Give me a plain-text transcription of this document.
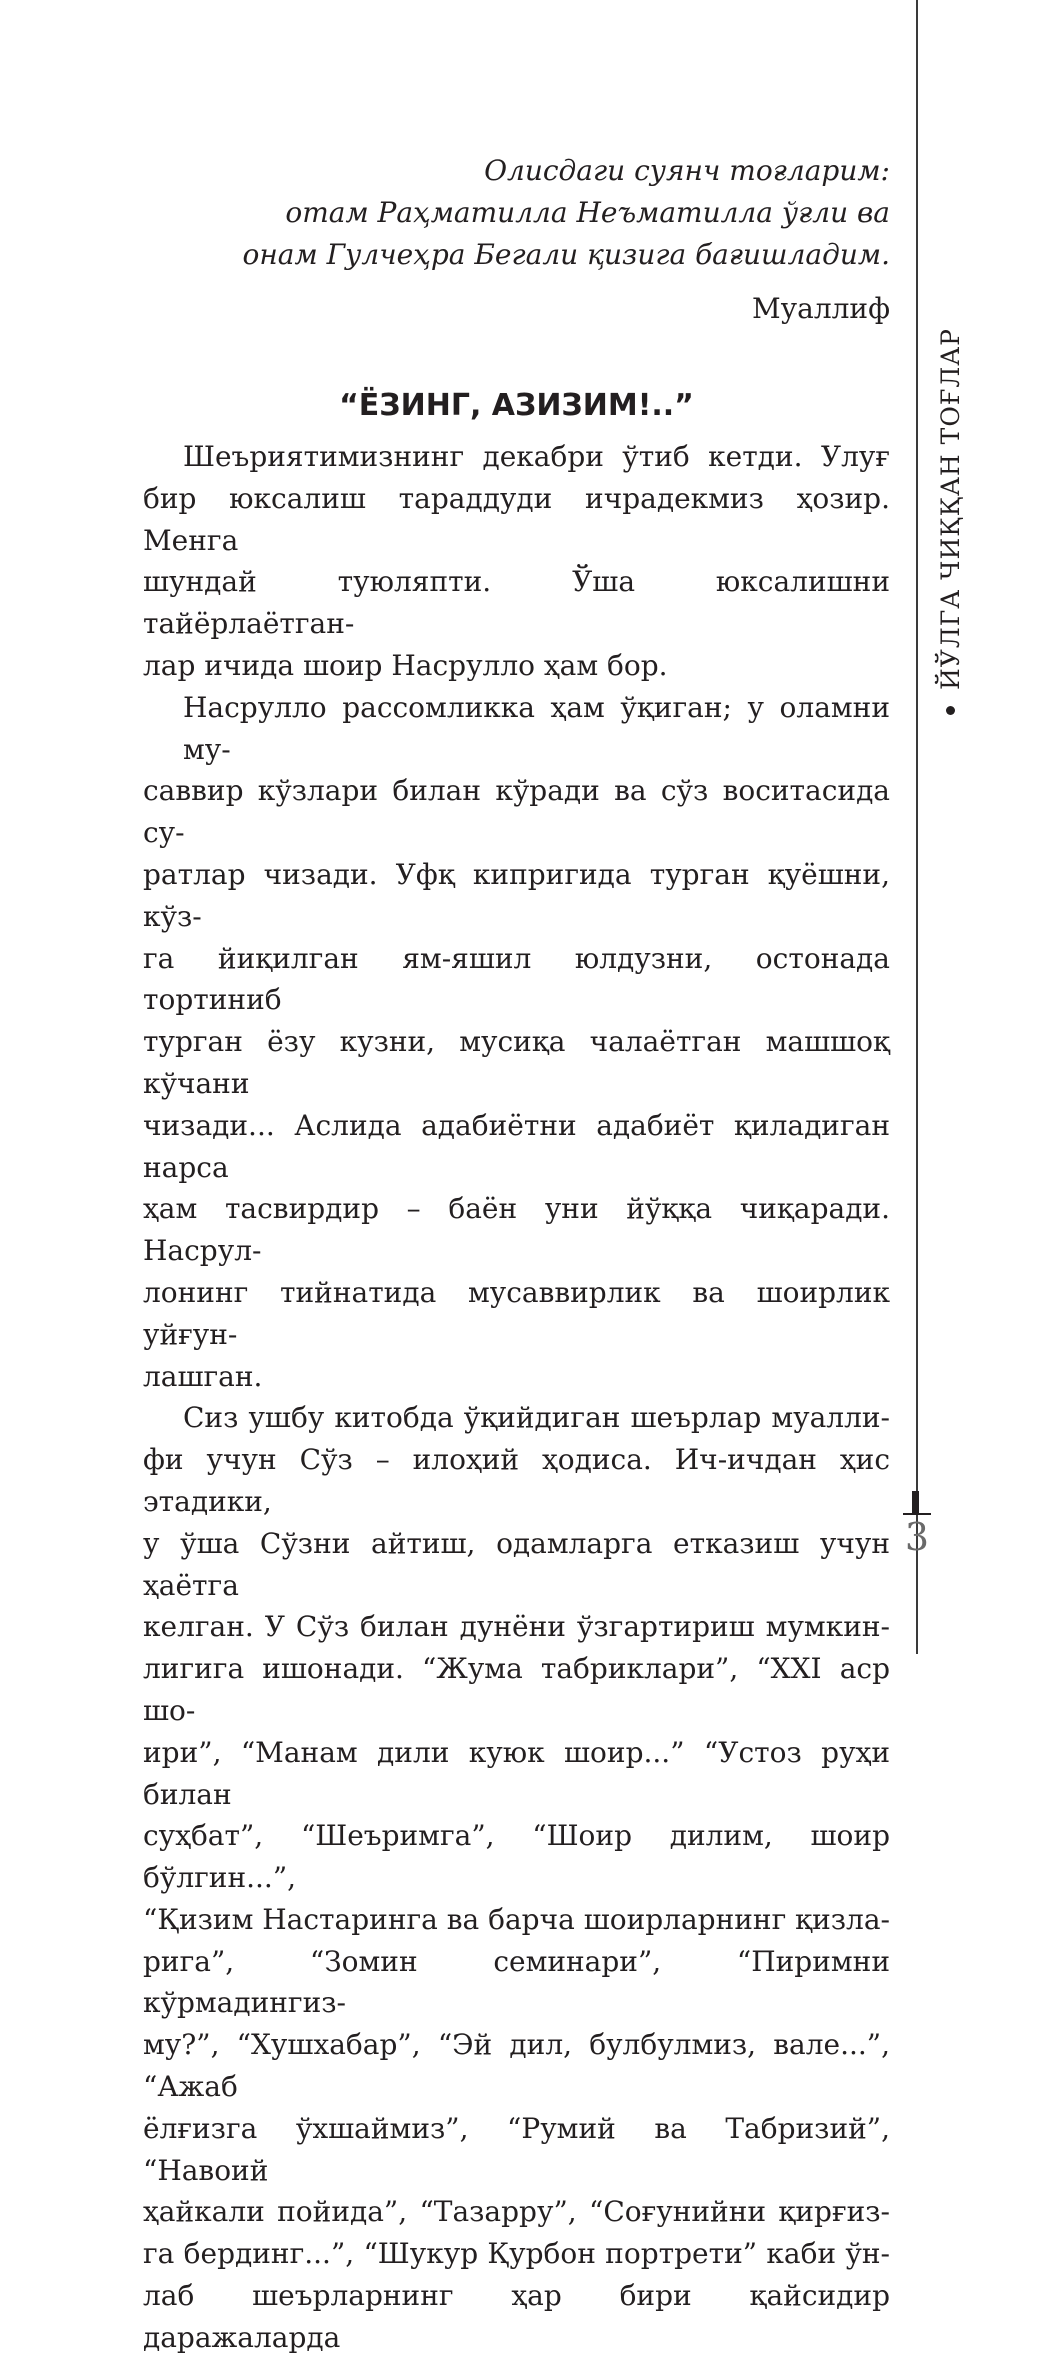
3
ЙЎЛГА ЧИҚҚАН ТОҒЛАР
Олисдаги суянч тоғларим:
отам Раҳматилла Неъматилла ўғли ва
онам Гулчеҳра Бегали қизига бағишладим.
Муаллиф
“ЁЗИНГ, АЗИЗИМ!..”

Шеъриятимизнинг декабри ўтиб кетди. Улуғ
бир юксалиш тараддуди ичрадекмиз ҳозир. Менга
шундай туюляпти. Ўша юксалишни тайёрлаётган-
лар ичида шоир Насрулло ҳам бор.

Насрулло рассомликка ҳам ўқиган; у оламни му-
саввир кўзлари билан кўради ва сўз воситасида су-
ратлар чизади. Уфқ кипригида турган қуёшни, кўз-
га йиқилган ям-яшил юлдузни, остонада тортиниб
турган ёзу кузни, мусиқа чалаётган машшоқ кўчани
чизади... Аслида адабиётни адабиёт қиладиган нарса
ҳам тасвирдир – баён уни йўққа чиқаради. Насрул-
лонинг тийнатида мусаввирлик ва шоирлик уйғун-
лашган.

Сиз ушбу китобда ўқийдиган шеърлар муалли-
фи учун Сўз – илоҳий ҳодиса. Ич-ичдан ҳис этадики,
у ўша Сўзни айтиш, одамларга етказиш учун ҳаётга
келган. У Сўз билан дунёни ўзгартириш мумкин-
лигига ишонади. “Жума табриклари”, “XXI аср шо-
ири”, “Манам дили куюк шоир...” “Устоз руҳи билан
суҳбат”, “Шеъримга”, “Шоир дилим, шоир бўлгин...”,
“Қизим Настаринга ва барча шоирларнинг қизла-
рига”, “Зомин семинари”, “Пиримни кўрмадингиз-
му?”, “Хушхабар”, “Эй дил, булбулмиз, вале...”, “Ажаб
ёлғизга ўхшаймиз”, “Румий ва Табризий”, “Навоий
ҳайкали пойида”, “Тазарру”, “Соғунийни қирғиз-
га бердинг...”, “Шукур Қурбон портрети” каби ўн-
лаб шеърларнинг ҳар бири қайсидир даражаларда
